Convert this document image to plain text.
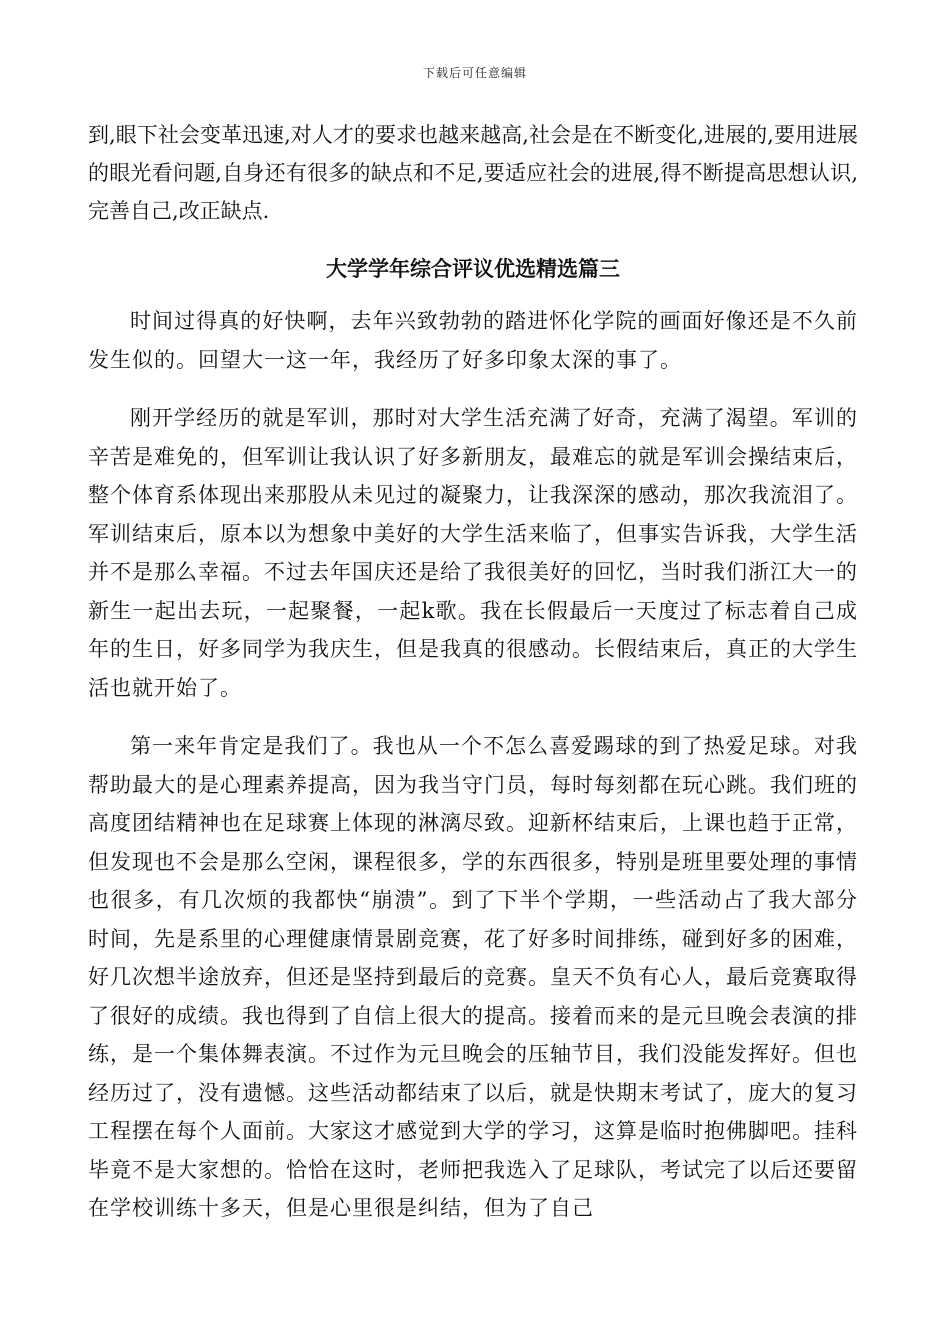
下载后可任意编辑

到,眼下社会变革迅速,对人才的要求也越来越高,社会是在不断变化,进展的,要用进展的眼光看问题,自身还有很多的缺点和不足,要适应社会的进展,得不断提高思想认识,完善自己,改正缺点.

大学学年综合评议优选精选篇三

时间过得真的好快啊，去年兴致勃勃的踏进怀化学院的画面好像还是不久前发生似的。回望大一这一年，我经历了好多印象太深的事了。

刚开学经历的就是军训，那时对大学生活充满了好奇，充满了渴望。军训的辛苦是难免的，但军训让我认识了好多新朋友，最难忘的就是军训会操结束后，整个体育系体现出来那股从未见过的凝聚力，让我深深的感动，那次我流泪了。军训结束后，原本以为想象中美好的大学生活来临了，但事实告诉我，大学生活并不是那么幸福。不过去年国庆还是给了我很美好的回忆，当时我们浙江大一的新生一起出去玩，一起聚餐，一起k歌。我在长假最后一天度过了标志着自己成年的生日，好多同学为我庆生，但是我真的很感动。长假结束后，真正的大学生活也就开始了。

第一来年肯定是我们了。我也从一个不怎么喜爱踢球的到了热爱足球。对我帮助最大的是心理素养提高，因为我当守门员，每时每刻都在玩心跳。我们班的高度团结精神也在足球赛上体现的淋漓尽致。迎新杯结束后，上课也趋于正常，但发现也不会是那么空闲，课程很多，学的东西很多，特别是班里要处理的事情也很多，有几次烦的我都快“崩溃”。到了下半个学期，一些活动占了我大部分时间，先是系里的心理健康情景剧竞赛，花了好多时间排练，碰到好多的困难，好几次想半途放弃，但还是坚持到最后的竞赛。皇天不负有心人，最后竞赛取得了很好的成绩。我也得到了自信上很大的提高。接着而来的是元旦晚会表演的排练，是一个集体舞表演。不过作为元旦晚会的压轴节目，我们没能发挥好。但也经历过了，没有遗憾。这些活动都结束了以后，就是快期末考试了，庞大的复习工程摆在每个人面前。大家这才感觉到大学的学习，这算是临时抱佛脚吧。挂科毕竟不是大家想的。恰恰在这时，老师把我选入了足球队，考试完了以后还要留在学校训练十多天，但是心里很是纠结，但为了自己
